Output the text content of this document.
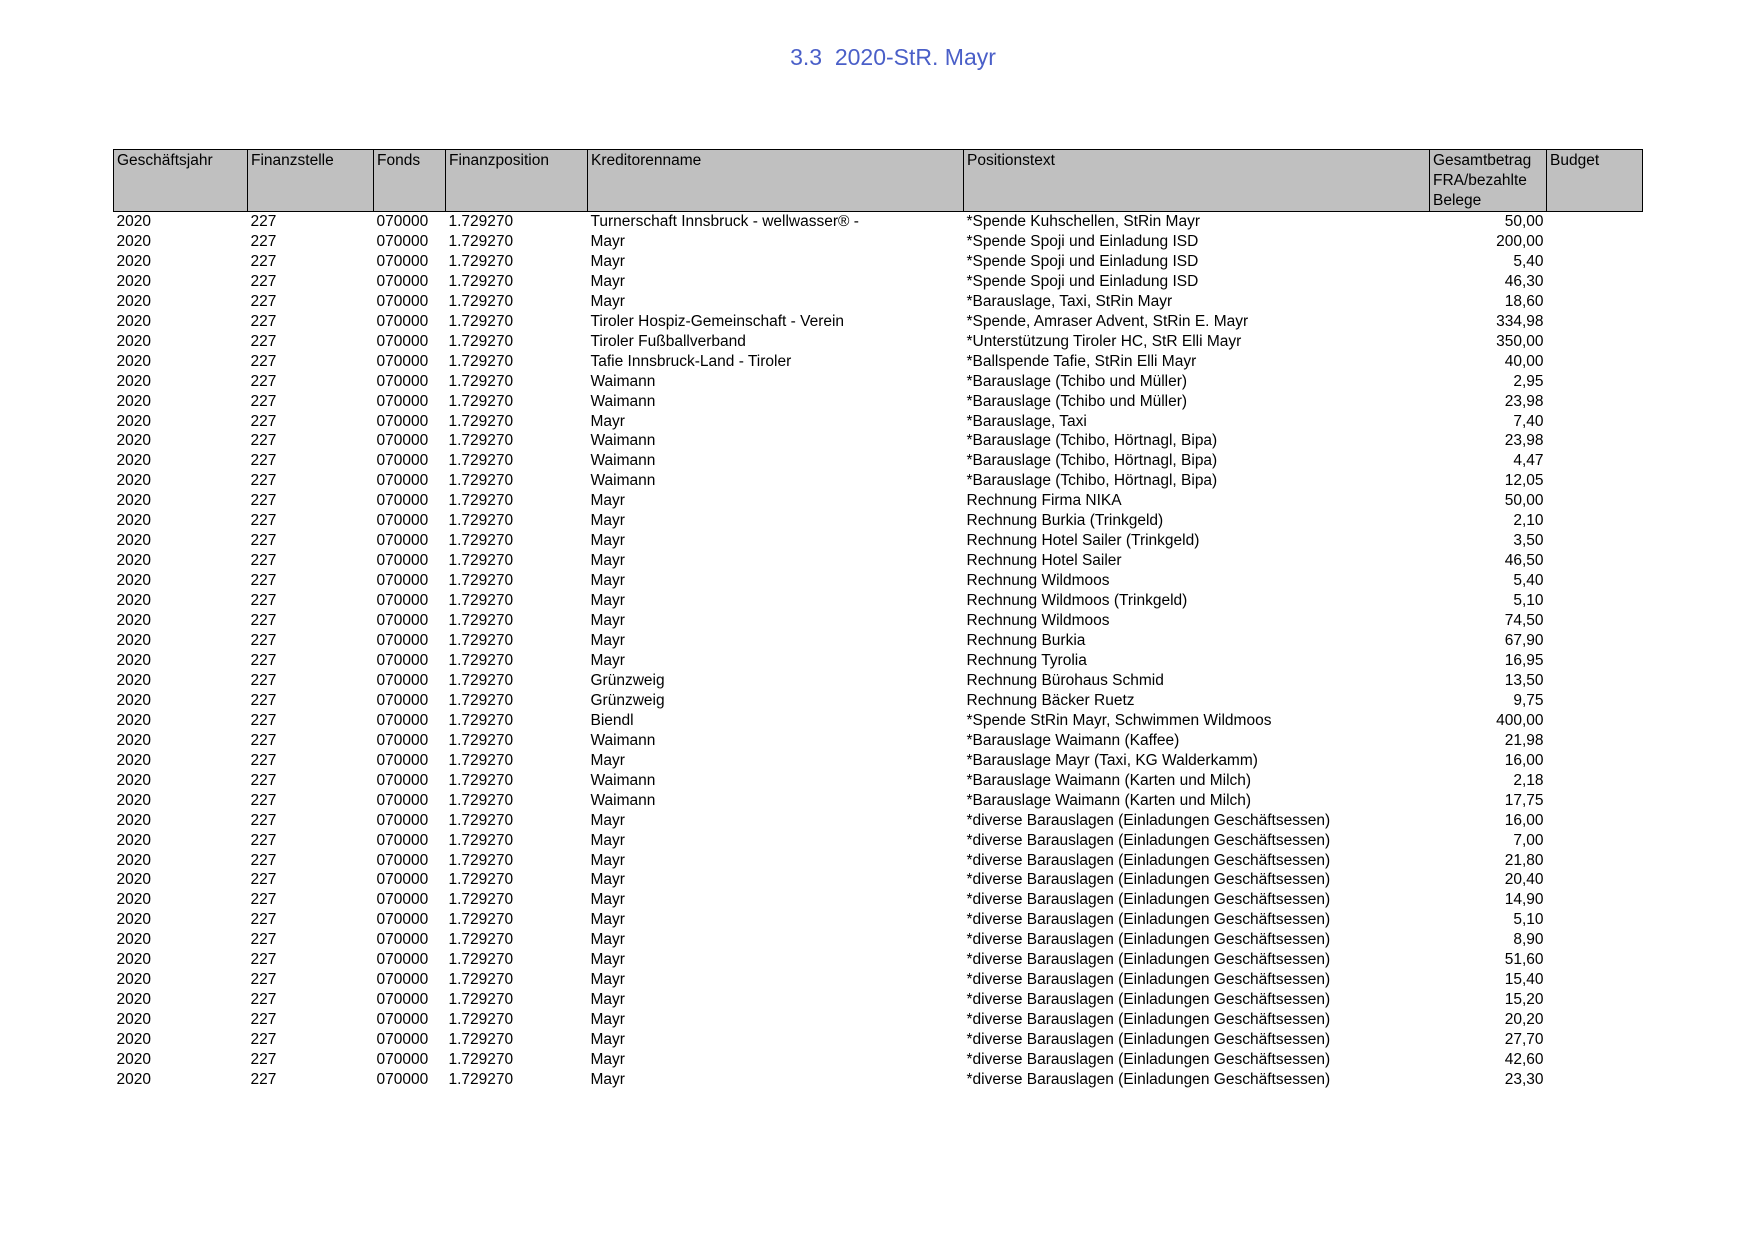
3.3  2020-StR. Mayr
Geschäftsjahr	Finanzstelle	Fonds	Finanzposition	Kreditorenname	Positionstext	Gesamtbetrag FRA/bezahlte Belege	Budget
2020	227	070000	1.729270	Turnerschaft Innsbruck - wellwasser® -	*Spende Kuhschellen, StRin Mayr	50,00	
2020	227	070000	1.729270	Mayr	*Spende Spoji und Einladung ISD	200,00	
2020	227	070000	1.729270	Mayr	*Spende Spoji und Einladung ISD	5,40	
2020	227	070000	1.729270	Mayr	*Spende Spoji und Einladung ISD	46,30	
2020	227	070000	1.729270	Mayr	*Barauslage, Taxi, StRin Mayr	18,60	
2020	227	070000	1.729270	Tiroler Hospiz-Gemeinschaft - Verein	*Spende, Amraser Advent, StRin E. Mayr	334,98	
2020	227	070000	1.729270	Tiroler Fußballverband	*Unterstützung Tiroler HC, StR Elli Mayr	350,00	
2020	227	070000	1.729270	Tafie Innsbruck-Land - Tiroler	*Ballspende Tafie, StRin Elli Mayr	40,00	
2020	227	070000	1.729270	Waimann	*Barauslage (Tchibo und Müller)	2,95	
2020	227	070000	1.729270	Waimann	*Barauslage (Tchibo und Müller)	23,98	
2020	227	070000	1.729270	Mayr	*Barauslage, Taxi	7,40	
2020	227	070000	1.729270	Waimann	*Barauslage (Tchibo, Hörtnagl, Bipa)	23,98	
2020	227	070000	1.729270	Waimann	*Barauslage (Tchibo, Hörtnagl, Bipa)	4,47	
2020	227	070000	1.729270	Waimann	*Barauslage (Tchibo, Hörtnagl, Bipa)	12,05	
2020	227	070000	1.729270	Mayr	Rechnung Firma NIKA	50,00	
2020	227	070000	1.729270	Mayr	Rechnung Burkia (Trinkgeld)	2,10	
2020	227	070000	1.729270	Mayr	Rechnung Hotel Sailer (Trinkgeld)	3,50	
2020	227	070000	1.729270	Mayr	Rechnung Hotel Sailer	46,50	
2020	227	070000	1.729270	Mayr	Rechnung Wildmoos	5,40	
2020	227	070000	1.729270	Mayr	Rechnung Wildmoos (Trinkgeld)	5,10	
2020	227	070000	1.729270	Mayr	Rechnung Wildmoos	74,50	
2020	227	070000	1.729270	Mayr	Rechnung Burkia	67,90	
2020	227	070000	1.729270	Mayr	Rechnung Tyrolia	16,95	
2020	227	070000	1.729270	Grünzweig	Rechnung Bürohaus Schmid	13,50	
2020	227	070000	1.729270	Grünzweig	Rechnung Bäcker Ruetz	9,75	
2020	227	070000	1.729270	Biendl	*Spende StRin Mayr, Schwimmen Wildmoos	400,00	
2020	227	070000	1.729270	Waimann	*Barauslage Waimann (Kaffee)	21,98	
2020	227	070000	1.729270	Mayr	*Barauslage Mayr (Taxi, KG Walderkamm)	16,00	
2020	227	070000	1.729270	Waimann	*Barauslage Waimann (Karten und Milch)	2,18	
2020	227	070000	1.729270	Waimann	*Barauslage Waimann (Karten und Milch)	17,75	
2020	227	070000	1.729270	Mayr	*diverse Barauslagen (Einladungen Geschäftsessen)	16,00	
2020	227	070000	1.729270	Mayr	*diverse Barauslagen (Einladungen Geschäftsessen)	7,00	
2020	227	070000	1.729270	Mayr	*diverse Barauslagen (Einladungen Geschäftsessen)	21,80	
2020	227	070000	1.729270	Mayr	*diverse Barauslagen (Einladungen Geschäftsessen)	20,40	
2020	227	070000	1.729270	Mayr	*diverse Barauslagen (Einladungen Geschäftsessen)	14,90	
2020	227	070000	1.729270	Mayr	*diverse Barauslagen (Einladungen Geschäftsessen)	5,10	
2020	227	070000	1.729270	Mayr	*diverse Barauslagen (Einladungen Geschäftsessen)	8,90	
2020	227	070000	1.729270	Mayr	*diverse Barauslagen (Einladungen Geschäftsessen)	51,60	
2020	227	070000	1.729270	Mayr	*diverse Barauslagen (Einladungen Geschäftsessen)	15,40	
2020	227	070000	1.729270	Mayr	*diverse Barauslagen (Einladungen Geschäftsessen)	15,20	
2020	227	070000	1.729270	Mayr	*diverse Barauslagen (Einladungen Geschäftsessen)	20,20	
2020	227	070000	1.729270	Mayr	*diverse Barauslagen (Einladungen Geschäftsessen)	27,70	
2020	227	070000	1.729270	Mayr	*diverse Barauslagen (Einladungen Geschäftsessen)	42,60	
2020	227	070000	1.729270	Mayr	*diverse Barauslagen (Einladungen Geschäftsessen)	23,30	
